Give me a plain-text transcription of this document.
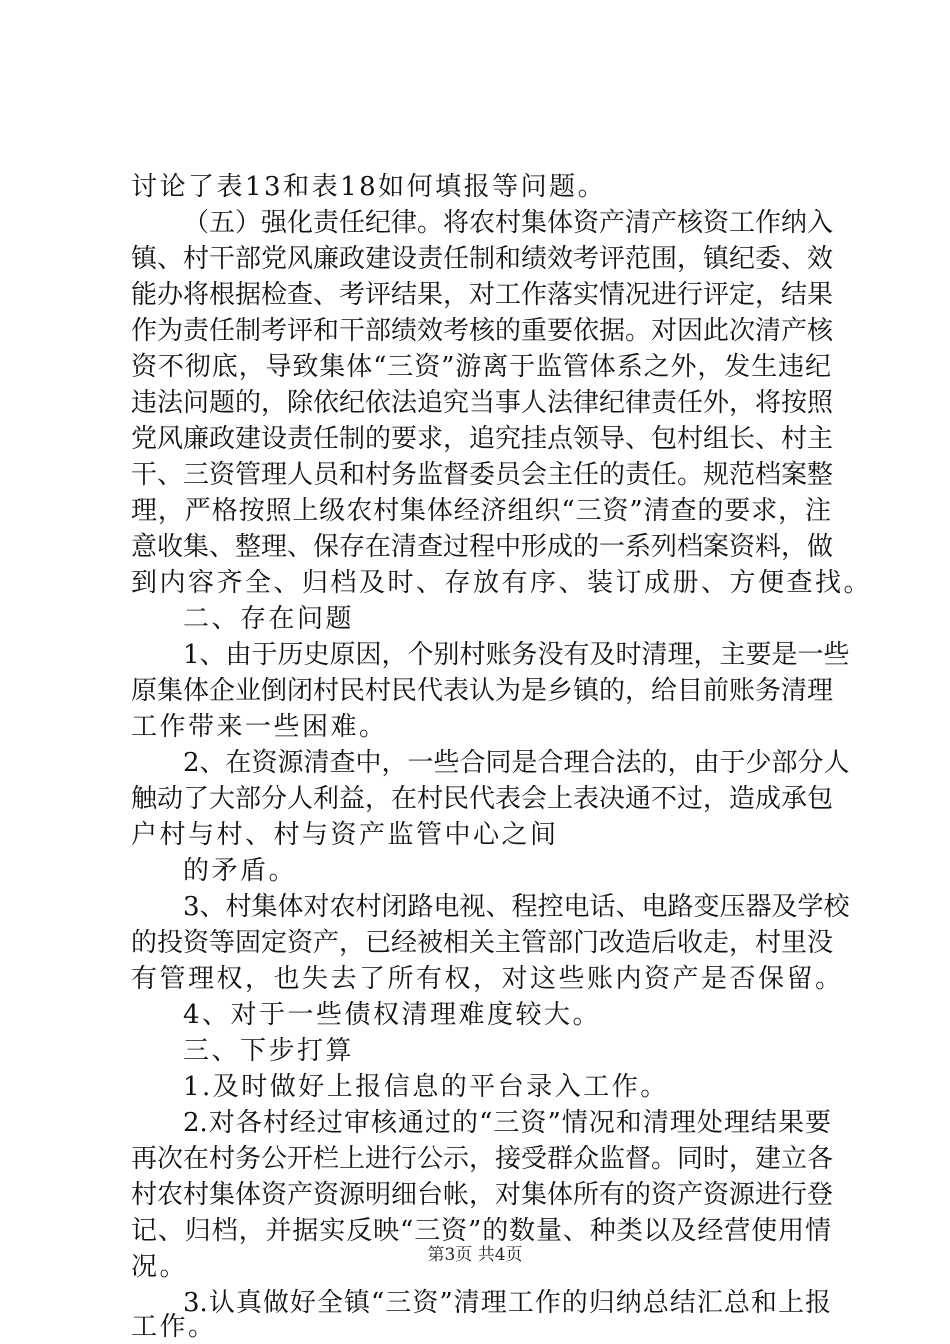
讨论了表13和表18如何填报等问题。
（五）强化责任纪律。将农村集体资产清产核资工作纳入
镇、村干部党风廉政建设责任制和绩效考评范围，镇纪委、效
能办将根据检查、考评结果，对工作落实情况进行评定，结果
作为责任制考评和干部绩效考核的重要依据。对因此次清产核
资不彻底，导致集体“三资”游离于监管体系之外，发生违纪
违法问题的，除依纪依法追究当事人法律纪律责任外，将按照
党风廉政建设责任制的要求，追究挂点领导、包村组长、村主
干、三资管理人员和村务监督委员会主任的责任。规范档案整
理，严格按照上级农村集体经济组织“三资”清查的要求，注
意收集、整理、保存在清查过程中形成的一系列档案资料，做
到内容齐全、归档及时、存放有序、装订成册、方便查找。
二、存在问题
1、由于历史原因，个别村账务没有及时清理，主要是一些
原集体企业倒闭村民村民代表认为是乡镇的，给目前账务清理
工作带来一些困难。
2、在资源清查中，一些合同是合理合法的，由于少部分人
触动了大部分人利益，在村民代表会上表决通不过，造成承包
户村与村、村与资产监管中心之间
的矛盾。
3、村集体对农村闭路电视、程控电话、电路变压器及学校
的投资等固定资产，已经被相关主管部门改造后收走，村里没
有管理权，也失去了所有权，对这些账内资产是否保留。
4、对于一些债权清理难度较大。
三、下步打算
1.及时做好上报信息的平台录入工作。
2.对各村经过审核通过的“三资”情况和清理处理结果要
再次在村务公开栏上进行公示，接受群众监督。同时，建立各
村农村集体资产资源明细台帐，对集体所有的资产资源进行登
记、归档，并据实反映“三资”的数量、种类以及经营使用情
况。
3.认真做好全镇“三资”清理工作的归纳总结汇总和上报
工作。
第3页 共4页
